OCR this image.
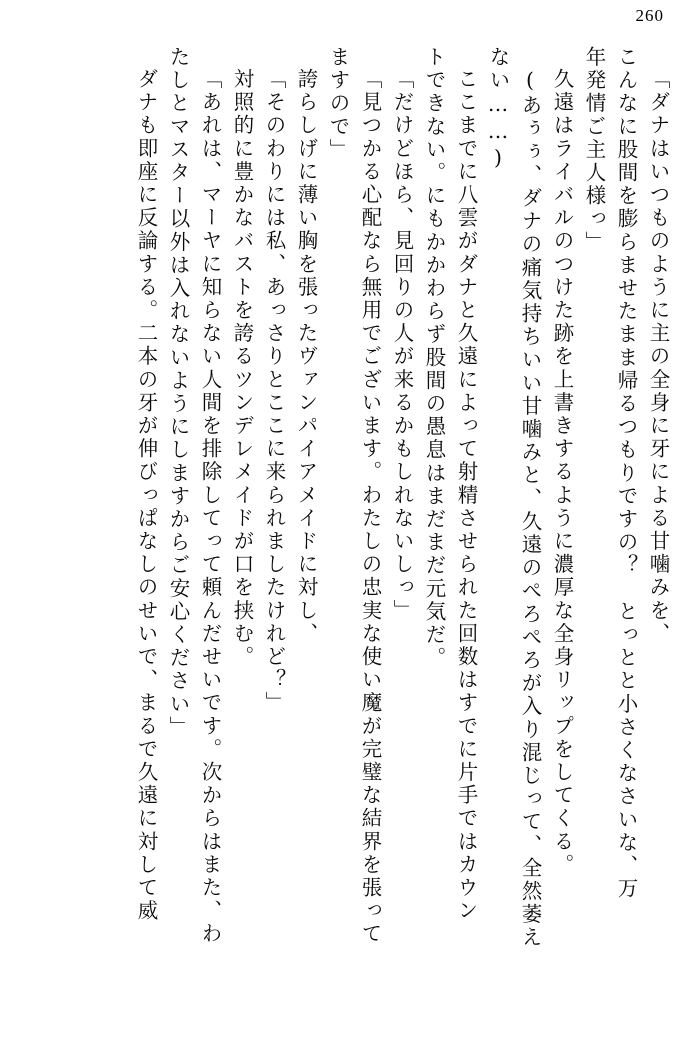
260
「ダナはいつものように主の全身に牙による甘噛みを、
こんなに股間を膨らませたまま帰るつもりですの？　とっとと小さくなさいな、万
年発情ご主人様っ」
久遠はライバルのつけた跡を上書きするように濃厚な全身リップをしてくる。
(あぅぅ、ダナの痛気持ちいい甘噛みと、久遠のぺろぺろが入り混じって、全然萎え
ない……)
ここまでに八雲がダナと久遠によって射精させられた回数はすでに片手ではカウン
トできない。にもかかわらず股間の愚息はまだまだ元気だ。
「だけどほら、見回りの人が来るかもしれないしっ」
「見つかる心配なら無用でございます。わたしの忠実な使い魔が完璧な結界を張って
ますので」
誇らしげに薄い胸を張ったヴァンパイアメイドに対し、
「そのわりには私、あっさりとここに来られましたけれど？」
対照的に豊かなバストを誇るツンデレメイドが口を挟む。
「あれは、マーヤに知らない人間を排除してって頼んだせいです。次からはまた、わ
たしとマスター以外は入れないようにしますからご安心ください」
ダナも即座に反論する。二本の牙が伸びっぱなしのせいで、まるで久遠に対して威
